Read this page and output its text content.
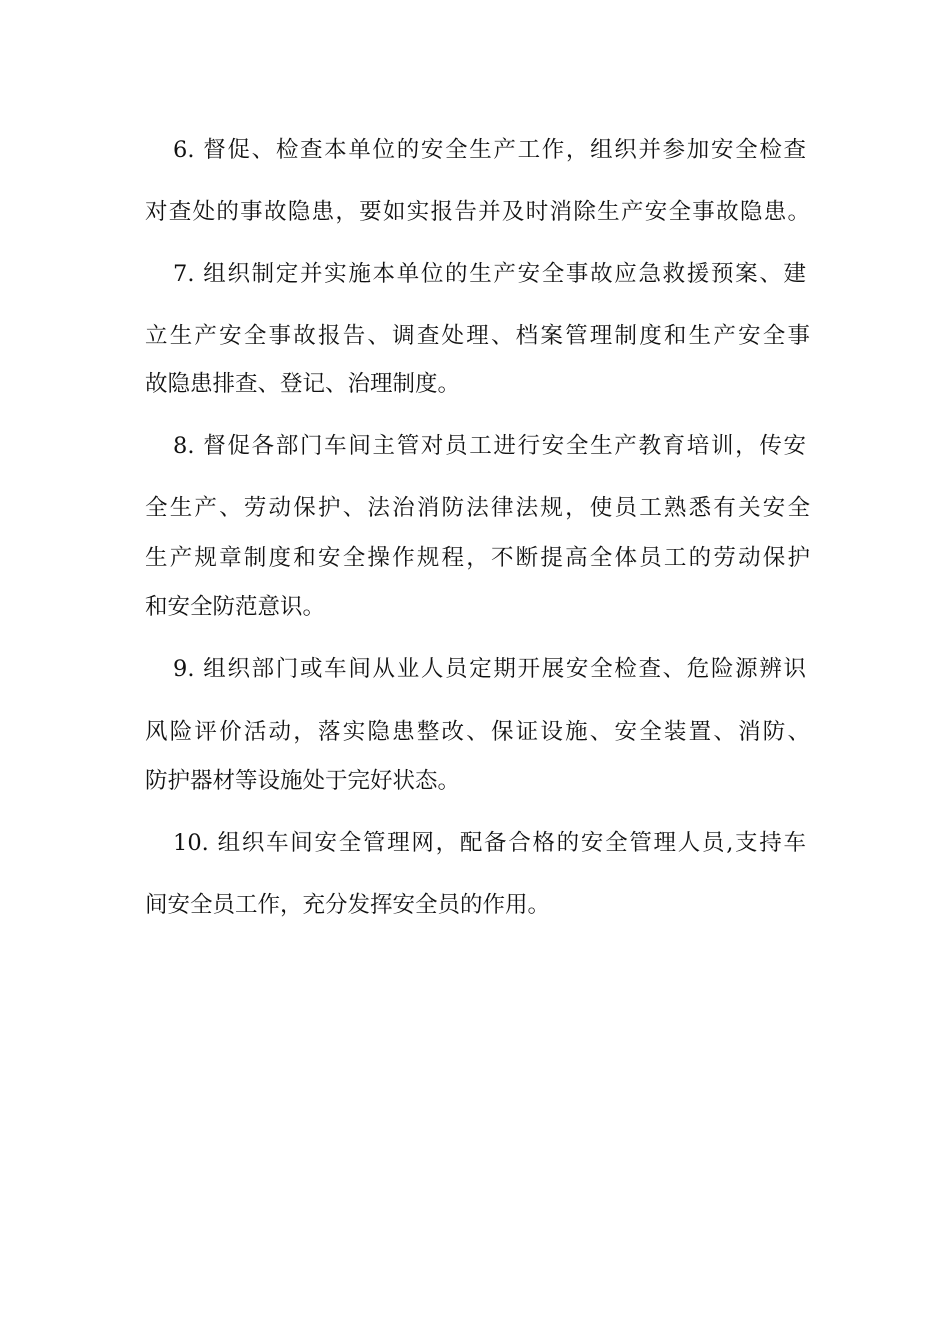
6. 督促、检查本单位的安全生产工作，组织并参加安全检查
对查处的事故隐患，要如实报告并及时消除生产安全事故隐患。
7. 组织制定并实施本单位的生产安全事故应急救援预案、建
立生产安全事故报告、调查处理、档案管理制度和生产安全事
故隐患排查、登记、治理制度。
8. 督促各部门车间主管对员工进行安全生产教育培训，传安
全生产、劳动保护、法治消防法律法规，使员工熟悉有关安全
生产规章制度和安全操作规程，不断提高全体员工的劳动保护
和安全防范意识。
9. 组织部门或车间从业人员定期开展安全检查、危险源辨识
风险评价活动，落实隐患整改、保证设施、安全装置、消防、
防护器材等设施处于完好状态。
10. 组织车间安全管理网，配备合格的安全管理人员,支持车
间安全员工作，充分发挥安全员的作用。
